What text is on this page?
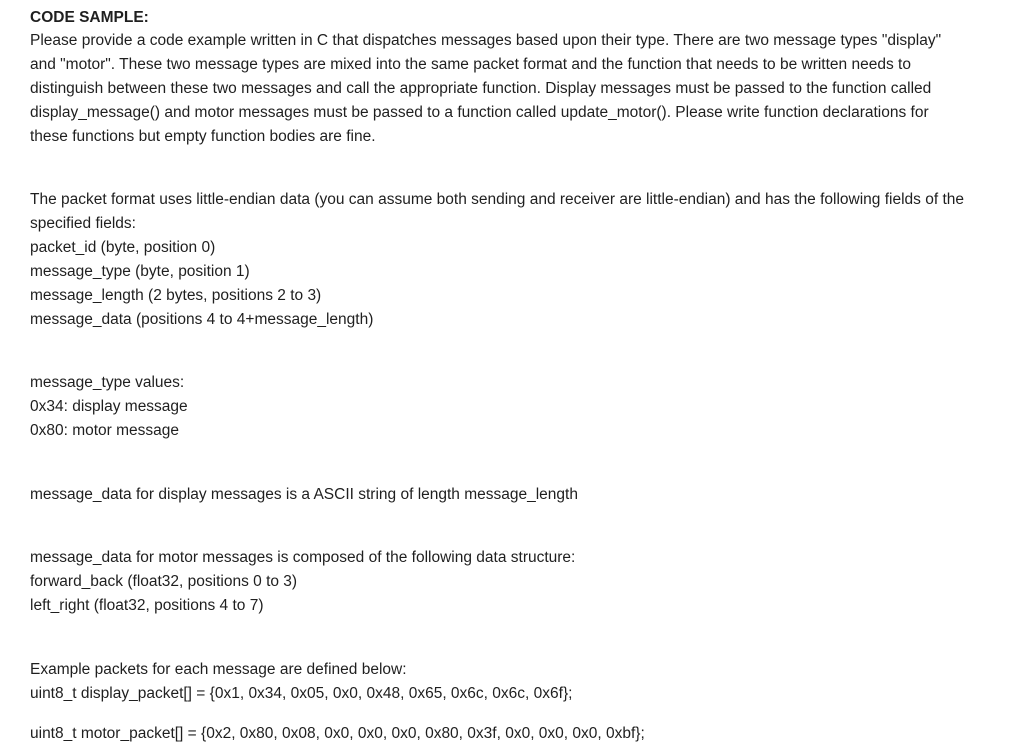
CODE SAMPLE:
Please provide a code example written in C that dispatches messages based upon their type. There are two message types "display"
and "motor". These two message types are mixed into the same packet format and the function that needs to be written needs to
distinguish between these two messages and call the appropriate function. Display messages must be passed to the function called
display_message() and motor messages must be passed to a function called update_motor(). Please write function declarations for
these functions but empty function bodies are fine.
The packet format uses little-endian data (you can assume both sending and receiver are little-endian) and has the following fields of the
specified fields:
packet_id (byte, position 0)
message_type (byte, position 1)
message_length (2 bytes, positions 2 to 3)
message_data (positions 4 to 4+message_length)
message_type values:
0x34: display message
0x80: motor message
message_data for display messages is a ASCII string of length message_length
message_data for motor messages is composed of the following data structure:
forward_back (float32, positions 0 to 3)
left_right (float32, positions 4 to 7)
Example packets for each message are defined below:
uint8_t display_packet[] = {0x1, 0x34, 0x05, 0x0, 0x48, 0x65, 0x6c, 0x6c, 0x6f};
uint8_t motor_packet[] = {0x2, 0x80, 0x08, 0x0, 0x0, 0x0, 0x80, 0x3f, 0x0, 0x0, 0x0, 0xbf};
